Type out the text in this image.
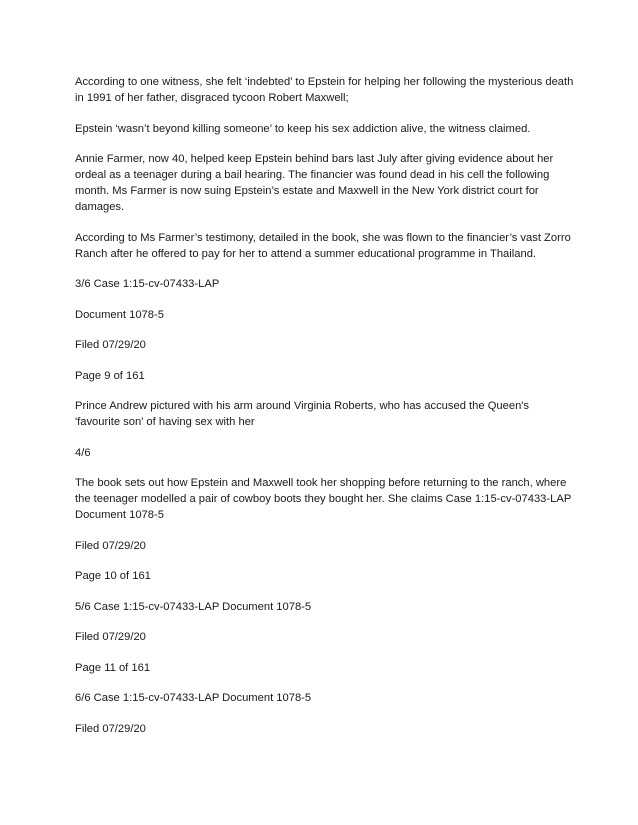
According to one witness, she felt ‘indebted’ to Epstein for helping her following the mysterious death in 1991 of her father, disgraced tycoon Robert Maxwell;

Epstein ‘wasn’t beyond killing someone’ to keep his sex addiction alive, the witness claimed.

Annie Farmer, now 40, helped keep Epstein behind bars last July after giving evidence about her ordeal as a teenager during a bail hearing. The financier was found dead in his cell the following month. Ms Farmer is now suing Epstein’s estate and Maxwell in the New York district court for damages.

According to Ms Farmer’s testimony, detailed in the book, she was flown to the financier’s vast Zorro Ranch after he offered to pay for her to attend a summer educational programme in Thailand.

3/6 Case 1:15-cv-07433-LAP

Document 1078-5

Filed 07/29/20

Page 9 of 161

Prince Andrew pictured with his arm around Virginia Roberts, who has accused the Queen's 'favourite son' of having sex with her

4/6

The book sets out how Epstein and Maxwell took her shopping before returning to the ranch, where the teenager modelled a pair of cowboy boots they bought her. She claims Case 1:15-cv-07433-LAP Document 1078-5

Filed 07/29/20

Page 10 of 161

5/6 Case 1:15-cv-07433-LAP Document 1078-5

Filed 07/29/20

Page 11 of 161

6/6 Case 1:15-cv-07433-LAP Document 1078-5

Filed 07/29/20
